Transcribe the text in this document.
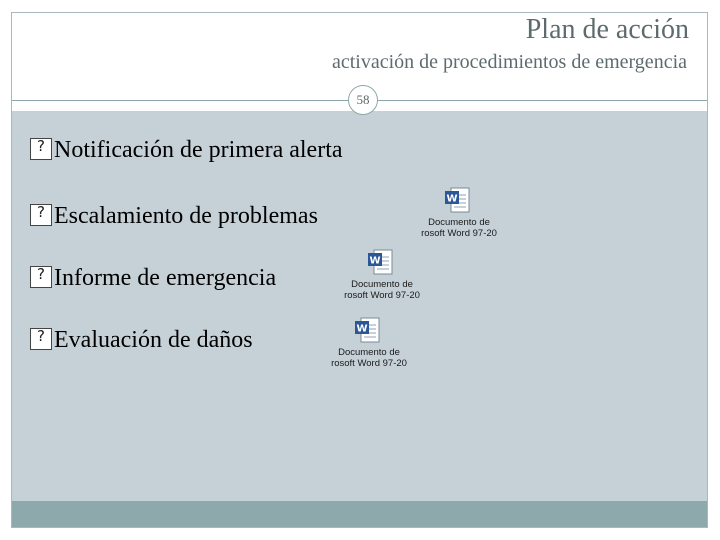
Plan de acción
activación de procedimientos de emergencia
58
?Notificación de primera alerta
?Escalamiento de problemas
?Informe de emergencia
?Evaluación de daños
W
Documento de
rosoft Word 97-20
W
Documento de
rosoft Word 97-20
W
Documento de
rosoft Word 97-20
